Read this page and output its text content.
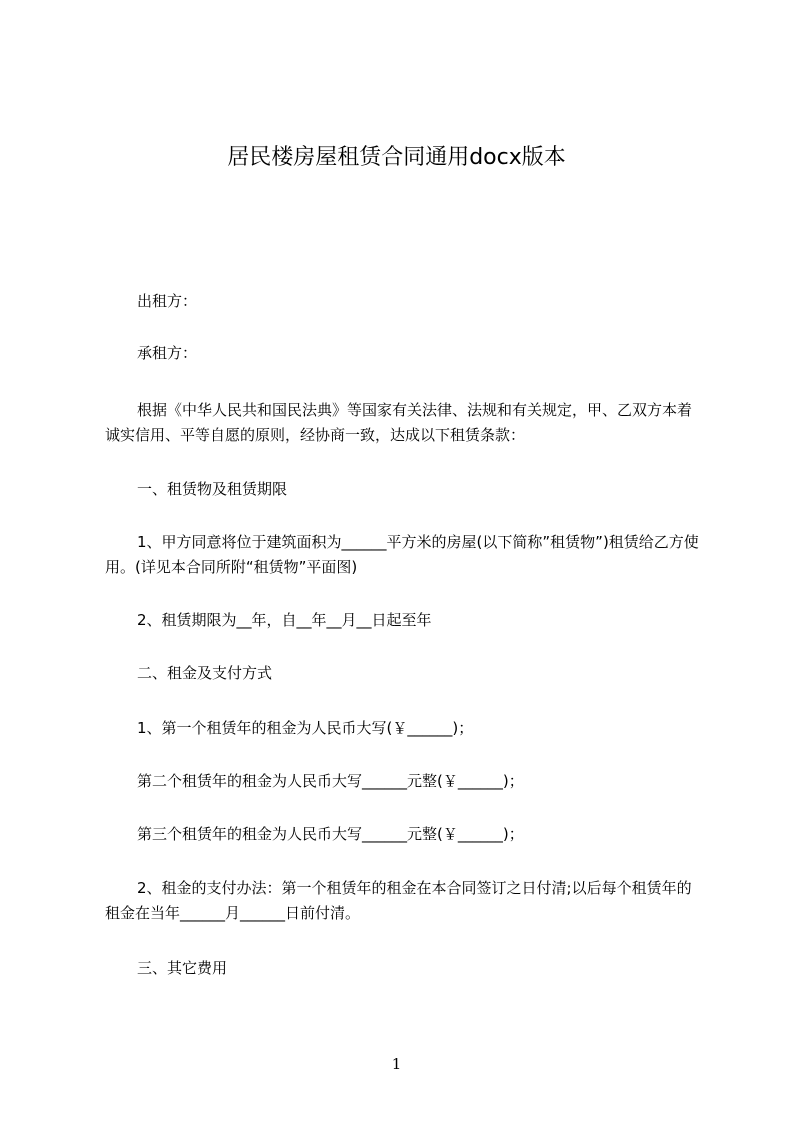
居民楼房屋租赁合同通用docx版本

出租方：

承租方：

根据《中华人民共和国民法典》等国家有关法律、法规和有关规定，甲、乙双方本着诚实信用、平等自愿的原则，经协商一致，达成以下租赁条款：

一、租赁物及租赁期限

1、甲方同意将位于建筑面积为______平方米的房屋(以下简称”租赁物”)租赁给乙方使用。(详见本合同所附“租赁物”平面图)

2、租赁期限为__年，自__年__月__日起至年

二、租金及支付方式

1、第一个租赁年的租金为人民币大写(￥______)；

第二个租赁年的租金为人民币大写______元整(￥______)；

第三个租赁年的租金为人民币大写______元整(￥______)；

2、租金的支付办法：第一个租赁年的租金在本合同签订之日付清;以后每个租赁年的租金在当年______月______日前付清。

三、其它费用

1
